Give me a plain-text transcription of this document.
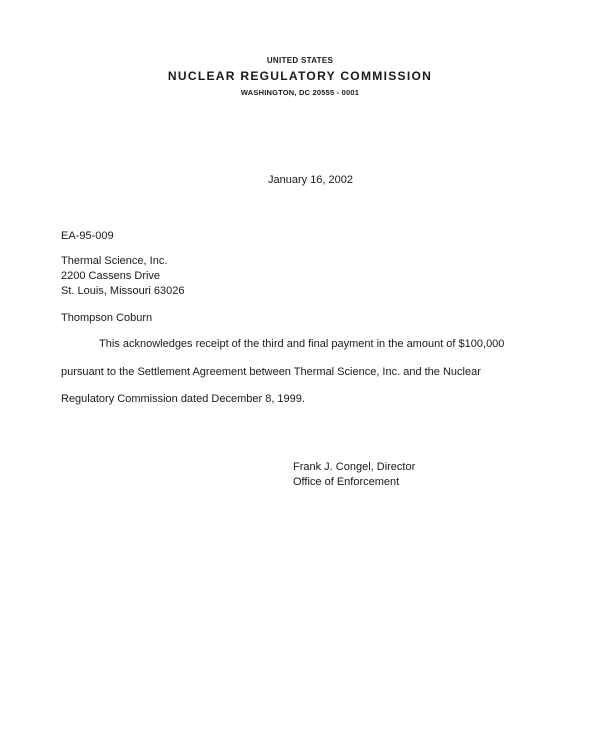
UNITED STATES
NUCLEAR REGULATORY COMMISSION
WASHINGTON, DC 20555 - 0001
January 16, 2002
EA-95-009
Thermal Science, Inc.
2200 Cassens Drive
St. Louis, Missouri 63026
Thompson Coburn
This acknowledges receipt of the third and final payment in the amount of $100,000
pursuant to the Settlement Agreement between Thermal Science, Inc. and the Nuclear
Regulatory Commission dated December 8, 1999.
Frank J. Congel, Director
Office of Enforcement
